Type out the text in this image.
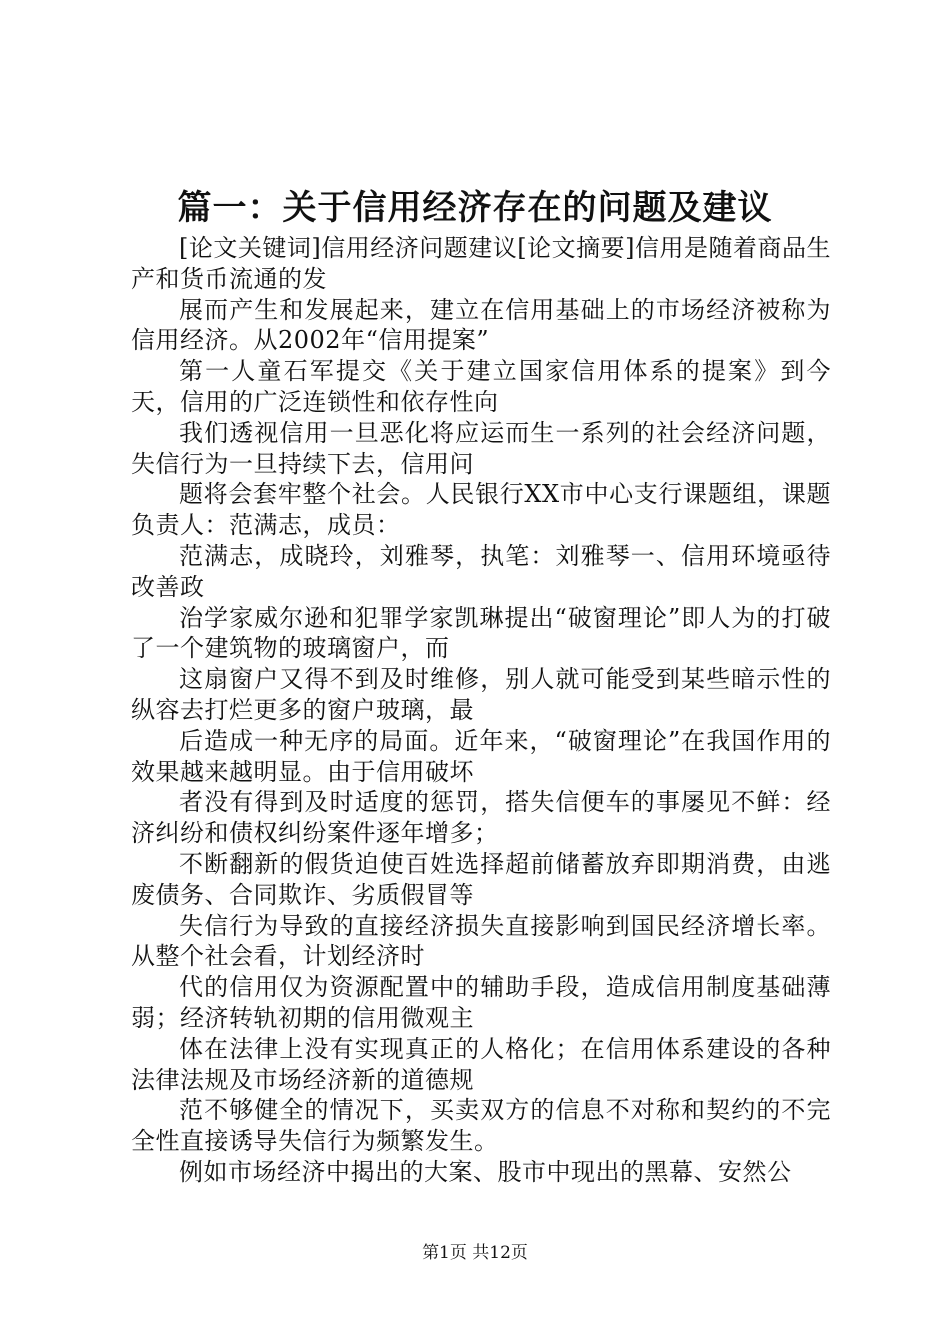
篇一：关于信用经济存在的问题及建议

[论文关键词]信用经济问题建议[论文摘要]信用是随着商品生产和货币流通的发

展而产生和发展起来，建立在信用基础上的市场经济被称为信用经济。从2002年“信用提案”

第一人童石军提交《关于建立国家信用体系的提案》到今天，信用的广泛连锁性和依存性向

我们透视信用一旦恶化将应运而生一系列的社会经济问题，失信行为一旦持续下去，信用问

题将会套牢整个社会。人民银行XX市中心支行课题组，课题负责人：范满志，成员：

范满志，成晓玲，刘雅琴，执笔：刘雅琴一、信用环境亟待改善政

治学家威尔逊和犯罪学家凯琳提出“破窗理论”即人为的打破了一个建筑物的玻璃窗户，而

这扇窗户又得不到及时维修，别人就可能受到某些暗示性的纵容去打烂更多的窗户玻璃，最

后造成一种无序的局面。近年来，“破窗理论”在我国作用的效果越来越明显。由于信用破坏

者没有得到及时适度的惩罚，搭失信便车的事屡见不鲜：经济纠纷和债权纠纷案件逐年增多；

不断翻新的假货迫使百姓选择超前储蓄放弃即期消费，由逃废债务、合同欺诈、劣质假冒等

失信行为导致的直接经济损失直接影响到国民经济增长率。从整个社会看，计划经济时

代的信用仅为资源配置中的辅助手段，造成信用制度基础薄弱；经济转轨初期的信用微观主

体在法律上没有实现真正的人格化；在信用体系建设的各种法律法规及市场经济新的道德规

范不够健全的情况下，买卖双方的信息不对称和契约的不完全性直接诱导失信行为频繁发生。

例如市场经济中揭出的大案、股市中现出的黑幕、安然公

第1页 共12页
